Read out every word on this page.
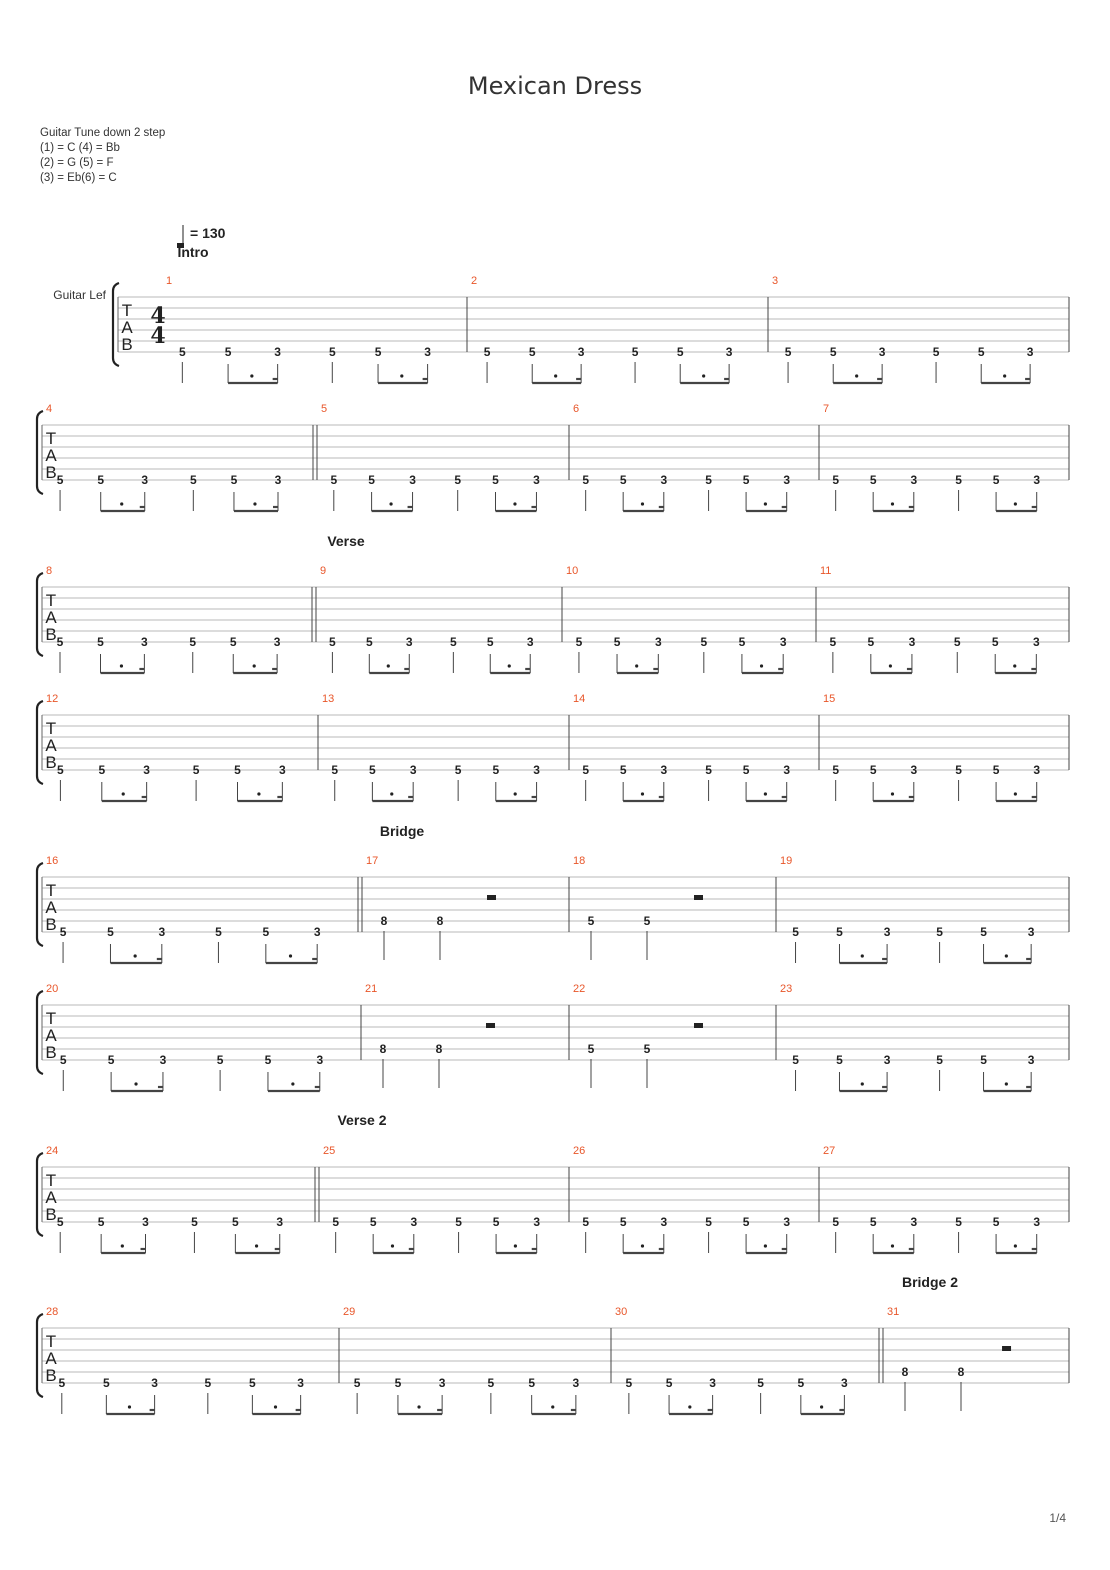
Mexican Dress
Guitar Tune down 2 step
(1) = C (4) = Bb
(2) = G (5) = F
(3) = Eb(6) = C
T
A
B
4
4
Guitar Lef
= 130
1
Intro
5	5	3	5	5	3
2
5	5	3	5	5	3
3
5	5	3	5	5	3
T
A
B
4
5	5	3	5	5	3
5
5	5	3	5	5	3
6
5	5	3	5	5	3
7
5	5	3	5	5	3
T
A
B
8
5	5	3	5	5	3
9
Verse
5	5	3	5	5	3
10
5	5	3	5	5	3
11
5	5	3	5	5	3
T
A
B
12
5	5	3	5	5	3
13
5	5	3	5	5	3
14
5	5	3	5	5	3
15
5	5	3	5	5	3
T
A
B
16
5	5	3	5	5	3
17
Bridge
8	8
18
5	5
19
5	5	3	5	5	3
T
A
B
20
5	5	3	5	5	3
21
8	8
22
5	5
23
5	5	3	5	5	3
T
A
B
24
5	5	3	5	5	3
25
Verse 2
5	5	3	5	5	3
26
5	5	3	5	5	3
27
5	5	3	5	5	3
T
A
B
28
5	5	3	5	5	3
29
5	5	3	5	5	3
30
5	5	3	5	5	3
31
Bridge 2
8	8
1/4
